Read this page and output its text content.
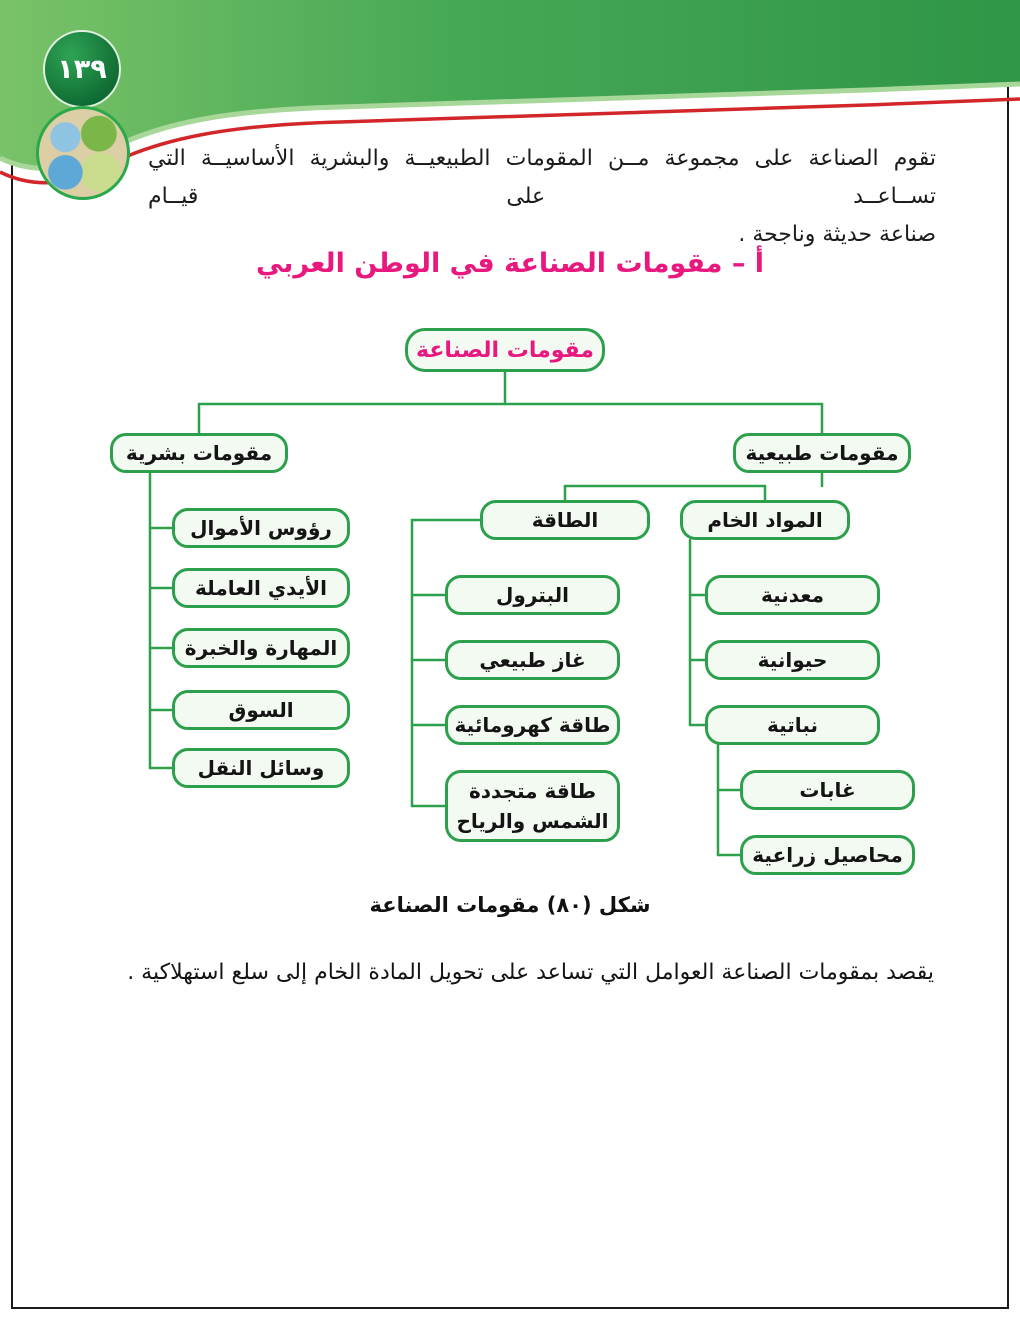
١٣٩
تقوم الصناعة على مجموعة مــن المقومات الطبيعيــة والبشرية الأساسيــة التي تســاعــد على قيــام
صناعة حديثة وناجحة .
أ – مقومات الصناعة في الوطن العربي
مقومات الصناعة
مقومات بشرية	مقومات طبيعية
رؤوس الأموال
الأيدي العاملة
المهارة والخبرة
السوق
وسائل النقل
الطاقة	المواد الخام
البترول
غاز طبيعي
طاقة كهرومائية
طاقة متجددة
الشمس والرياح
معدنية
حيوانية
نباتية
غابات
محاصيل زراعية
شكل (٨٠) مقومات الصناعة
يقصد بمقومات الصناعة العوامل التي تساعد على تحويل المادة الخام إلى سلع استهلاكية .
